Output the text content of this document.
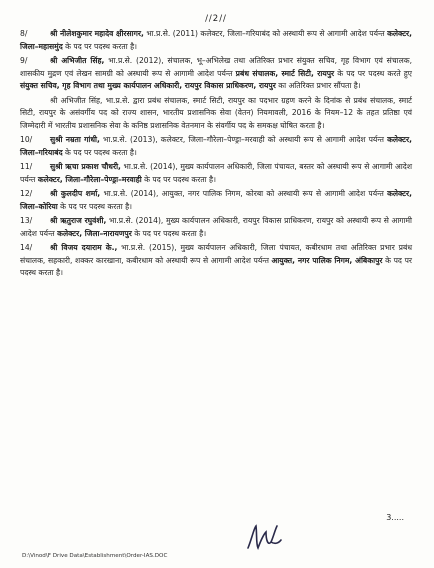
//2//
8/	श्री नीलेशकुमार महादेव क्षीरसागर, भा.प्र.से. (2011) कलेक्टर, जिला–गरियाबंद को अस्थायी रूप से आगामी आदेश पर्यन्त कलेक्टर, जिला–महासमुंद के पद पर पदस्थ करता है।
9/	श्री अभिजीत सिंह, भा.प्र.से. (2012), संचालक, भू–अभिलेख तथा अतिरिक्त प्रभार संयुक्त सचिव, गृह विभाग एवं संचालक, शासकीय मुद्रण एवं लेखन सामग्री को अस्थायी रूप से आगामी आदेश पर्यन्त प्रबंध संचालक, स्मार्ट सिटी, रायपुर के पद पर पदस्थ करते हुए संयुक्त सचिव, गृह विभाग तथा मुख्य कार्यपालन अधिकारी, रायपुर विकास प्राधिकरण, रायपुर का अतिरिक्त प्रभार सौंपता है।
श्री अभिजीत सिंह, भा.प्र.से. द्वारा प्रबंध संचालक, स्मार्ट सिटी, रायपुर का पदभार ग्रहण करने के दिनांक से प्रबंध संचालक, स्मार्ट सिटी, रायपुर के असंवर्गीय पद को राज्य शासन, भारतीय प्रशासनिक सेवा (वेतन) नियमावली, 2016 के नियम–12 के तहत प्रतिष्ठा एवं जिम्मेदारी में भारतीय प्रशासनिक सेवा के कनिष्ठ प्रशासनिक वेतनमान के संवर्गीय पद के समकक्ष घोषित करता है।
10/ सुश्री नम्रता गांधी, भा.प्र.से. (2013), कलेक्टर, जिला–गौरेला–पेण्ड्रा–मरवाही को अस्थायी रूप से आगामी आदेश पर्यन्त कलेक्टर, जिला–गरियाबंद के पद पर पदस्थ करता है।
11/ सुश्री ऋचा प्रकाश चौधरी, भा.प्र.से. (2014), मुख्य कार्यपालन अधिकारी, जिला पंचायत, बस्तर को अस्थायी रूप से आगामी आदेश पर्यन्त कलेक्टर, जिला–गौरेला–पेण्ड्रा–मरवाही के पद पर पदस्थ करता है।
12/ श्री कुलदीप शर्मा, भा.प्र.से. (2014), आयुक्त, नगर पालिक निगम, कोरबा को अस्थायी रूप से आगामी आदेश पर्यन्त कलेक्टर, जिला–कोरिया के पद पर पदस्थ करता है।
13/ श्री ऋतुराज रघुवंशी, भा.प्र.से. (2014), मुख्य कार्यपालन अधिकारी, रायपुर विकास प्राधिकरण, रायपुर को अस्थायी रूप से आगामी आदेश पर्यन्त कलेक्टर, जिला–नारायणपुर के पद पर पदस्थ करता है।
14/ श्री विजय दयाराम के., भा.प्र.से. (2015), मुख्य कार्यपालन अधिकारी, जिला पंचायत, कबीरधाम तथा अतिरिक्त प्रभार प्रबंध संचालक, सहकारी, शक्कर कारखाना, कबीरधाम को अस्थायी रूप से आगामी आदेश पर्यन्त आयुक्त, नगर पालिक निगम, अंबिकापुर के पद पर पदस्थ करता है।
3.....
D:\Vinod\F Drive Data\Establishment\Order-IAS.DOC
